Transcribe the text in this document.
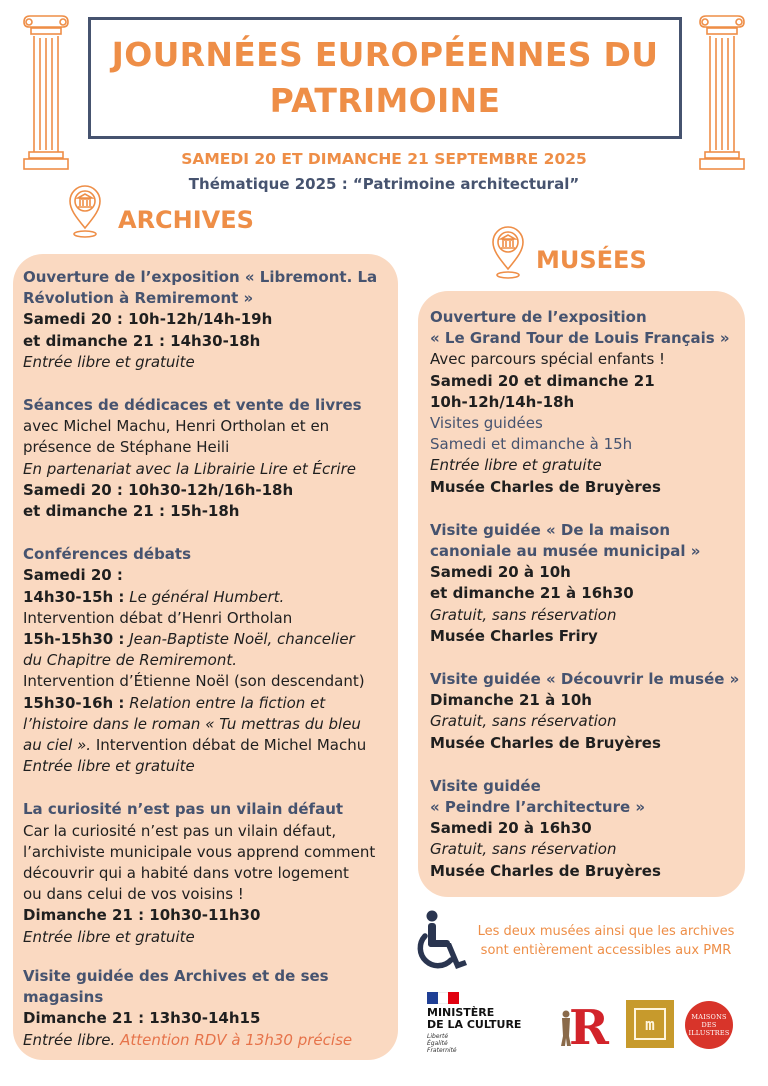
JOURNÉES EUROPÉENNES DU
PATRIMOINE
SAMEDI 20 ET DIMANCHE 21 SEPTEMBRE 2025
Thématique 2025 : “Patrimoine architectural”
ARCHIVES
MUSÉES
Ouverture de l’exposition « Libremont. La
Révolution à Remiremont »
Samedi 20 : 10h-12h/14h-19h
et dimanche 21 : 14h30-18h
Entrée libre et gratuite
Séances de dédicaces et vente de livres
avec Michel Machu, Henri Ortholan et en
présence de Stéphane Heili
En partenariat avec la Librairie Lire et Écrire
Samedi 20 : 10h30-12h/16h-18h
et dimanche 21 : 15h-18h
Conférences débats
Samedi 20 :
14h30-15h : Le général Humbert.
Intervention débat d’Henri Ortholan
15h-15h30 : Jean-Baptiste Noël, chancelier
du Chapitre de Remiremont.
Intervention d’Étienne Noël (son descendant)
15h30-16h : Relation entre la fiction et
l’histoire dans le roman « Tu mettras du bleu
au ciel ». Intervention débat de Michel Machu
Entrée libre et gratuite
La curiosité n’est pas un vilain défaut
Car la curiosité n’est pas un vilain défaut,
l’archiviste municipale vous apprend comment
découvrir qui a habité dans votre logement
ou dans celui de vos voisins !
Dimanche 21 : 10h30-11h30
Entrée libre et gratuite
Visite guidée des Archives et de ses
magasins
Dimanche 21 : 13h30-14h15
Entrée libre. Attention RDV à 13h30 précise
Ouverture de l’exposition
« Le Grand Tour de Louis Français »
Avec parcours spécial enfants !
Samedi 20 et dimanche 21
10h-12h/14h-18h
Visites guidées
Samedi et dimanche à 15h
Entrée libre et gratuite
Musée Charles de Bruyères
Visite guidée « De la maison
canoniale au musée municipal »
Samedi 20 à 10h
et dimanche 21 à 16h30
Gratuit, sans réservation
Musée Charles Friry
Visite guidée « Découvrir le musée »
Dimanche 21 à 10h
Gratuit, sans réservation
Musée Charles de Bruyères
Visite guidée
« Peindre l’architecture »
Samedi 20 à 16h30
Gratuit, sans réservation
Musée Charles de Bruyères
Les deux musées ainsi que les archives
sont entièrement accessibles aux PMR
MINISTÈRE
DE LA CULTURE
Liberté
Égalité
Fraternité	R	m	MAISONS
DES
ILLUSTRES
